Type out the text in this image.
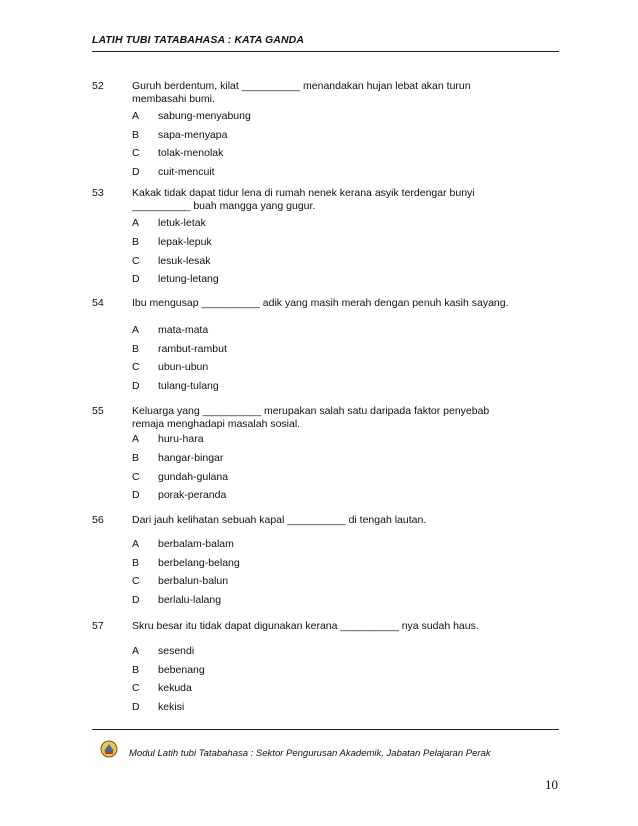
LATIH TUBI TATABAHASA : KATA GANDA
52	Guruh berdentum, kilat __________ menandakan hujan lebat akan turun membasahi bumi.
A sabung-menyabung
B sapa-menyapa
C tolak-menolak
D cuit-mencuit
53	Kakak tidak dapat tidur lena di rumah nenek kerana asyik terdengar bunyi __________ buah mangga yang gugur.
A letuk-letak
B lepak-lepuk
C lesuk-lesak
D letung-letang
54	Ibu mengusap __________ adik yang masih merah dengan penuh kasih sayang.
A mata-mata
B rambut-rambut
C ubun-ubun
D tulang-tulang
55	Keluarga yang __________ merupakan salah satu daripada faktor penyebab remaja menghadapi masalah sosial.
A huru-hara
B hangar-bingar
C gundah-gulana
D porak-peranda
56	Dari jauh kelihatan sebuah kapal __________ di tengah lautan.
A berbalam-balam
B berbelang-belang
C berbalun-balun
D berlalu-lalang
57	Skru besar itu tidak dapat digunakan kerana __________ nya sudah haus.
A sesendi
B bebenang
C kekuda
D kekisi
Modul Latih tubi Tatabahasa : Sektor Pengurusan Akademik, Jabatan Pelajaran Perak
10
